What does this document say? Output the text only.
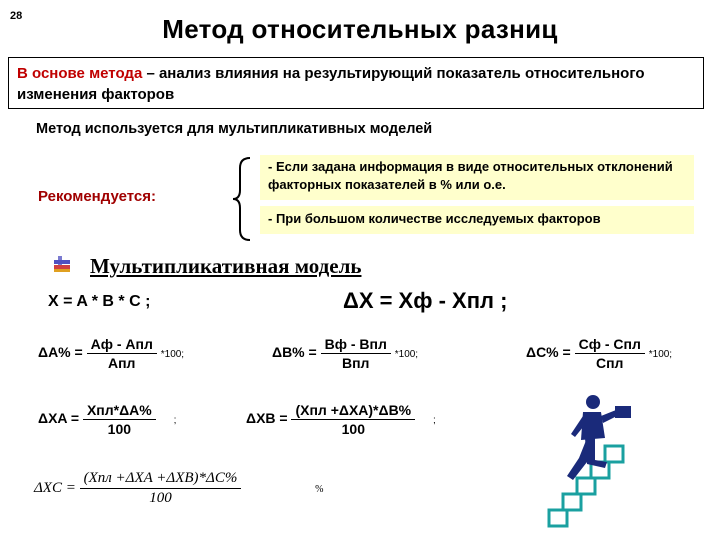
28	Метод относительных разниц
В основе метода – анализ влияния на результирующий показатель относительного изменения факторов
Метод используется для мультипликативных моделей
Рекомендуется:
- Если задана информация в виде относительных отклонений факторных показателей в % или о.е.
- При большом количестве исследуемых факторов
Мультипликативная модель
X = A * B * C ;	ΔX = Xф - Xпл ;
$\Delta A\% = \frac{\text{Aф - Aпл}}{\text{Aпл}} *100$;	$\Delta B\% = \frac{\text{Bф - Bпл}}{\text{Bпл}} *100$;	$\Delta C\% = \frac{\text{Cф - Cпл}}{\text{Cпл}} *100$;
$\Delta XA = \frac{\text{Xпл*ΔA\%}}{100}$ ;	$\Delta XB = \frac{\text{(Xпл +ΔXA)*ΔB\%}}{100}$ ;
$\Delta XC = \frac{\text{(Xпл +ΔXA +ΔXB)*ΔC\%}}{100}$	%
